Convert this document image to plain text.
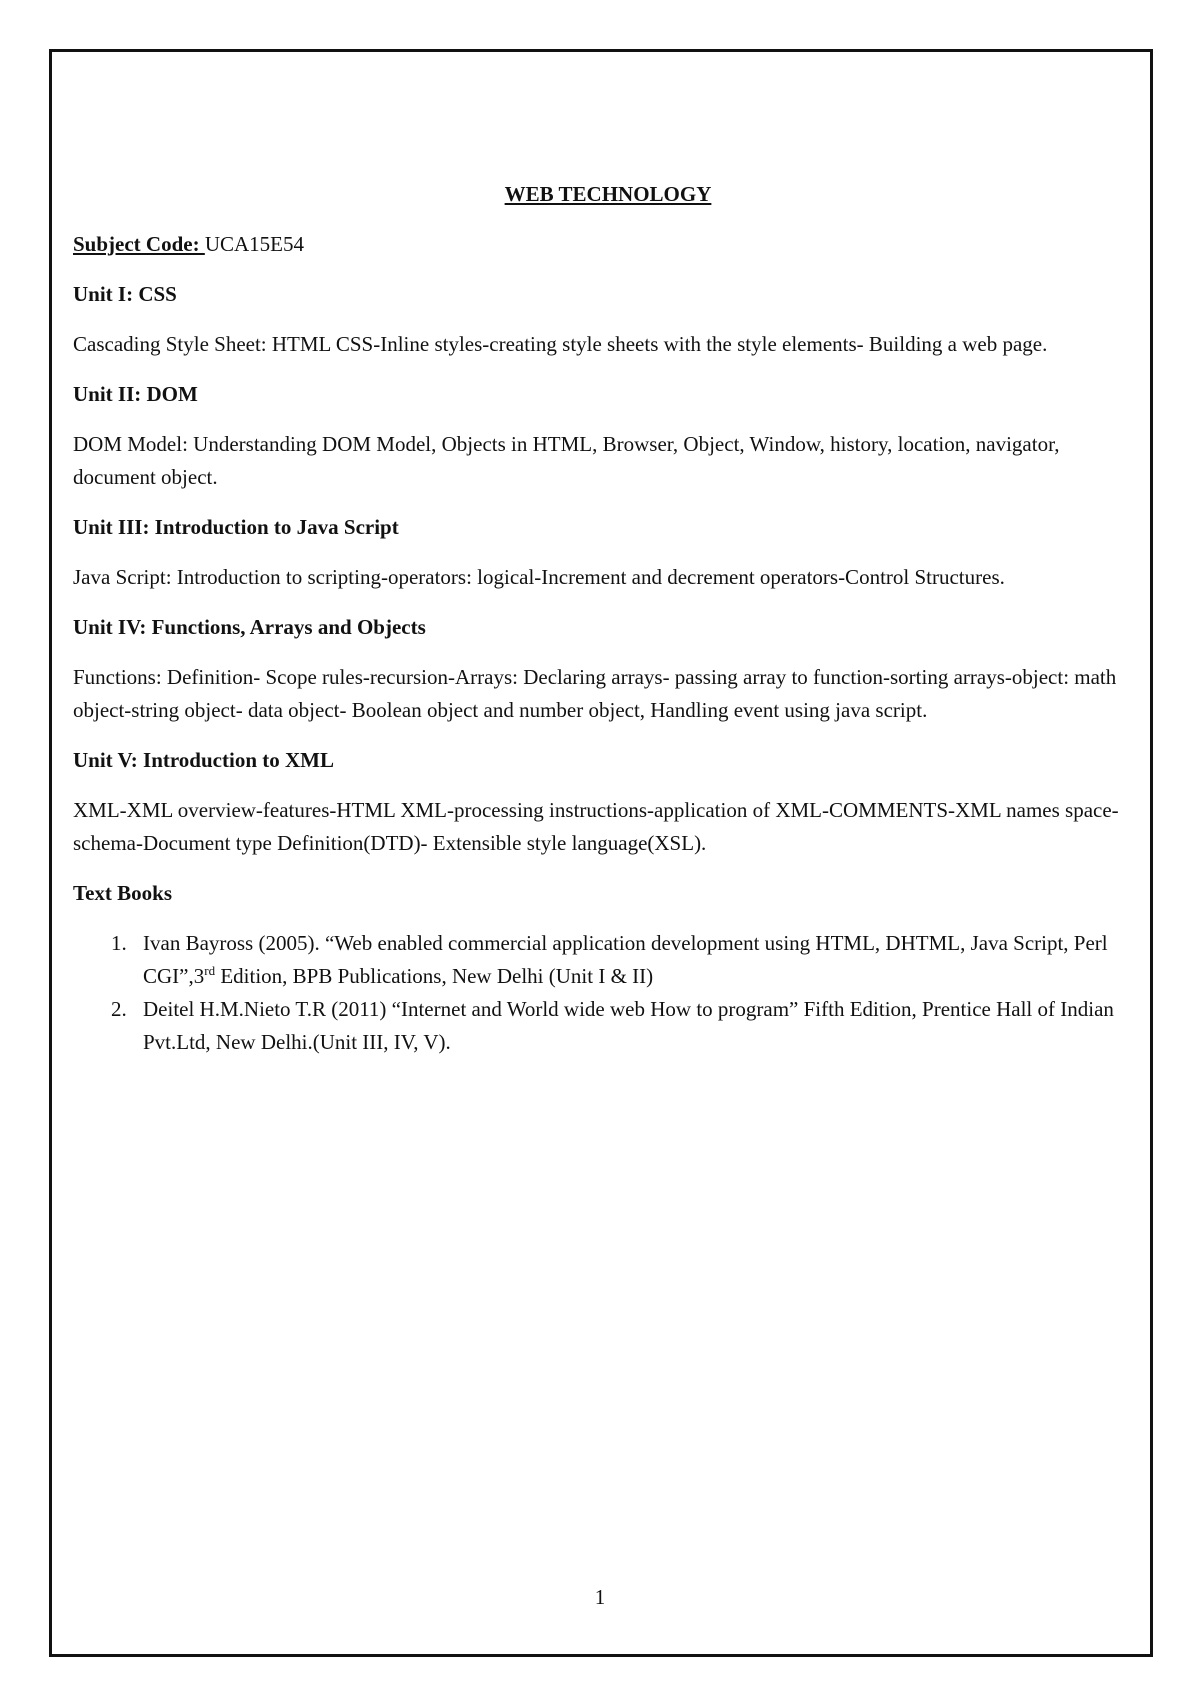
WEB TECHNOLOGY
Subject Code: UCA15E54
Unit I: CSS
Cascading Style Sheet: HTML CSS-Inline styles-creating style sheets with the style elements- Building a web page.
Unit II: DOM
DOM Model: Understanding DOM Model, Objects in HTML, Browser, Object, Window, history, location, navigator, document object.
Unit III: Introduction to Java Script
Java Script: Introduction to scripting-operators: logical-Increment and decrement operators-Control Structures.
Unit IV: Functions, Arrays and Objects
Functions: Definition- Scope rules-recursion-Arrays: Declaring arrays- passing array to function-sorting arrays-object: math object-string object- data object- Boolean object and number object, Handling event using java script.
Unit V: Introduction to XML
XML-XML overview-features-HTML XML-processing instructions-application of XML-COMMENTS-XML names space-schema-Document type Definition(DTD)- Extensible style language(XSL).
Text Books
1. Ivan Bayross (2005). “Web enabled commercial application development using HTML, DHTML, Java Script, Perl CGI”,3rd Edition, BPB Publications, New Delhi (Unit I & II)
2. Deitel H.M.Nieto T.R (2011) “Internet and World wide web How to program” Fifth Edition, Prentice Hall of Indian Pvt.Ltd, New Delhi.(Unit III, IV, V).
1
